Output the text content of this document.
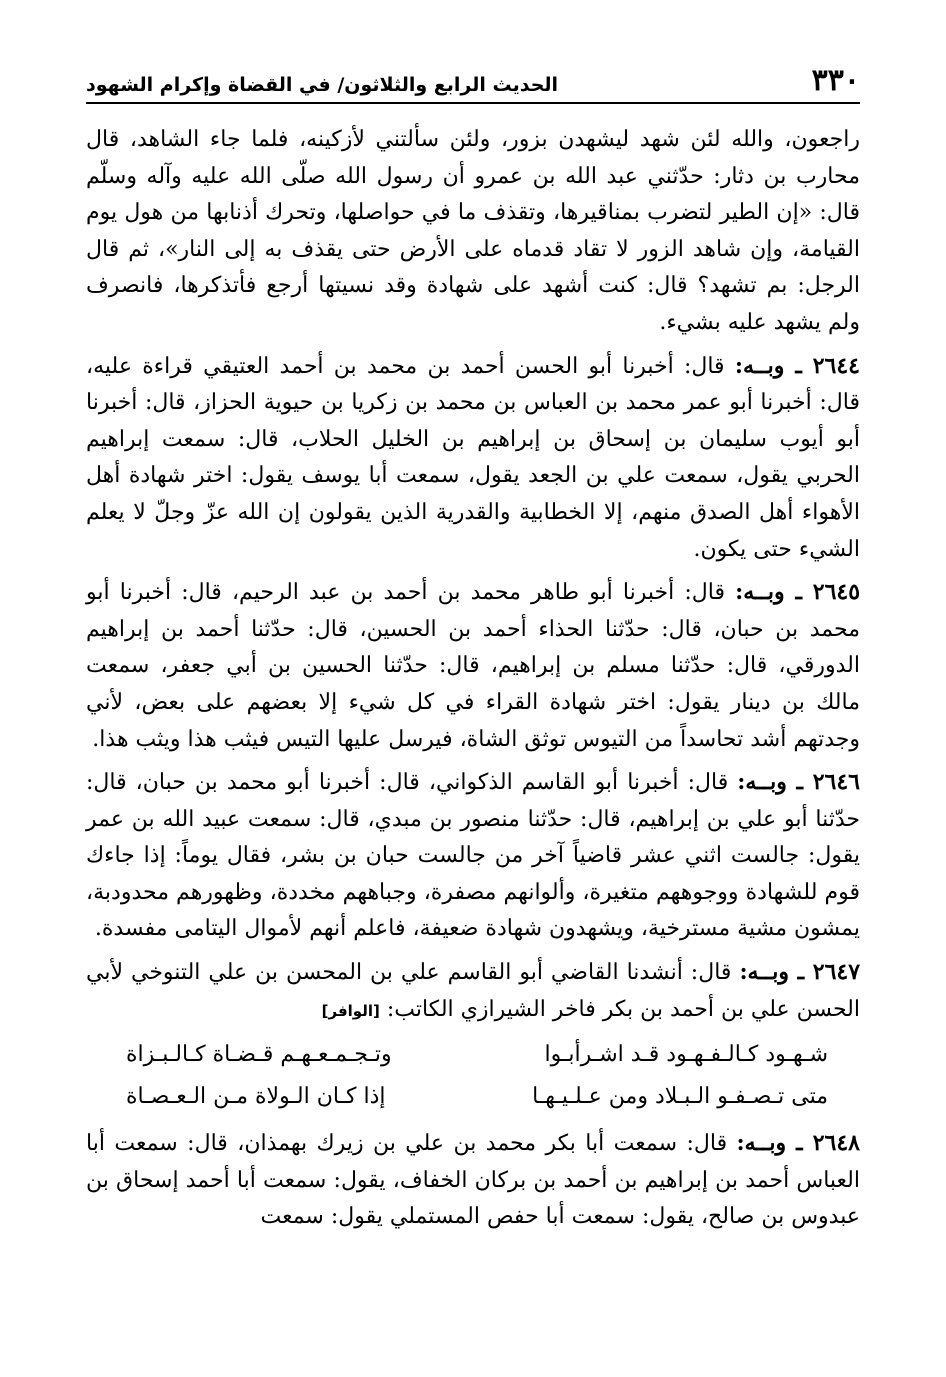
٣٣٠
الحديث الرابع والثلاثون/ في القضاة وإكرام الشهود

راجعون، والله لئن شهد ليشهدن بزور، ولئن سألتني لأزكينه، فلما جاء الشاهد، قال محارب بن دثار: حدّثني عبد الله بن عمرو أن رسول الله صلّى الله عليه وآله وسلّم قال: «إن الطير لتضرب بمناقيرها، وتقذف ما في حواصلها، وتحرك أذنابها من هول يوم القيامة، وإن شاهد الزور لا تقاد قدماه على الأرض حتى يقذف به إلى النار»، ثم قال الرجل: بم تشهد؟ قال: كنت أشهد على شهادة وقد نسيتها أرجع فأتذكرها، فانصرف ولم يشهد عليه بشيء.

٢٦٤٤ ـ وبــه: قال: أخبرنا أبو الحسن أحمد بن محمد بن أحمد العتيقي قراءة عليه، قال: أخبرنا أبو عمر محمد بن العباس بن محمد بن زكريا بن حيوية الحزاز، قال: أخبرنا أبو أيوب سليمان بن إسحاق بن إبراهيم بن الخليل الحلاب، قال: سمعت إبراهيم الحربي يقول، سمعت علي بن الجعد يقول، سمعت أبا يوسف يقول: اختر شهادة أهل الأهواء أهل الصدق منهم، إلا الخطابية والقدرية الذين يقولون إن الله عزّ وجلّ لا يعلم الشيء حتى يكون.

٢٦٤٥ ـ وبــه: قال: أخبرنا أبو طاهر محمد بن أحمد بن عبد الرحيم، قال: أخبرنا أبو محمد بن حبان، قال: حدّثنا الحذاء أحمد بن الحسين، قال: حدّثنا أحمد بن إبراهيم الدورقي، قال: حدّثنا مسلم بن إبراهيم، قال: حدّثنا الحسين بن أبي جعفر، سمعت مالك بن دينار يقول: اختر شهادة القراء في كل شيء إلا بعضهم على بعض، لأني وجدتهم أشد تحاسداً من التيوس توثق الشاة، فيرسل عليها التيس فيثب هذا ويثب هذا.

٢٦٤٦ ـ وبــه: قال: أخبرنا أبو القاسم الذكواني، قال: أخبرنا أبو محمد بن حبان، قال: حدّثنا أبو علي بن إبراهيم، قال: حدّثنا منصور بن مبدي، قال: سمعت عبيد الله بن عمر يقول: جالست اثني عشر قاضياً آخر من جالست حبان بن بشر، فقال يوماً: إذا جاءك قوم للشهادة ووجوههم متغيرة، وألوانهم مصفرة، وجباههم مخددة، وظهورهم محدودبة، يمشون مشية مسترخية، ويشهدون شهادة ضعيفة، فاعلم أنهم لأموال اليتامى مفسدة.

٢٦٤٧ ـ وبــه: قال: أنشدنا القاضي أبو القاسم علي بن المحسن بن علي التنوخي لأبي الحسن علي بن أحمد بن بكر فاخر الشيرازي الكاتب: [الوافر]

شـهـود كـالـفـهـود قـد اشـرأبـوا
وتـجـمـعـهـم قـضـاة كـالـبـزاة
متى تـصـفـو الـبـلاد ومن عـلـيـهـا
إذا كـان الـولاة مـن الـعـصـاة

٢٦٤٨ ـ وبــه: قال: سمعت أبا بكر محمد بن علي بن زيرك بهمذان، قال: سمعت أبا العباس أحمد بن إبراهيم بن أحمد بن بركان الخفاف، يقول: سمعت أبا أحمد إسحاق بن عبدوس بن صالح، يقول: سمعت أبا حفص المستملي يقول: سمعت
